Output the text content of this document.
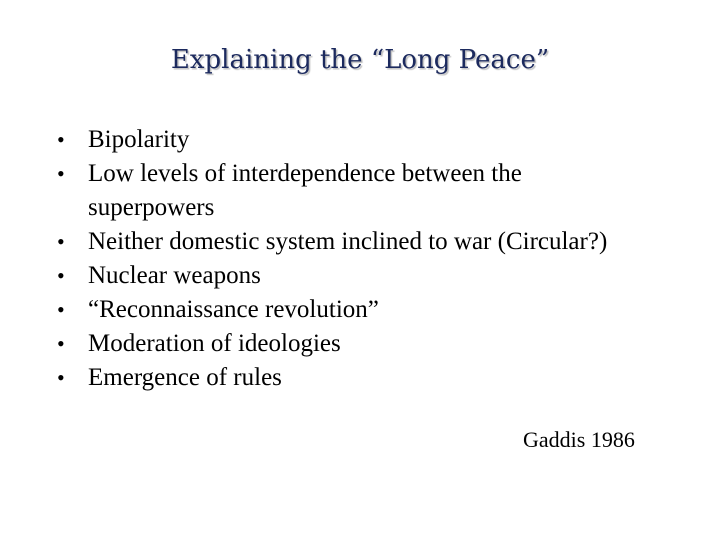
Explaining the “Long Peace”
• Bipolarity
• Low levels of interdependence between the superpowers
• Neither domestic system inclined to war (Circular?)
• Nuclear weapons
• “Reconnaissance revolution”
• Moderation of ideologies
• Emergence of rules
Gaddis 1986
